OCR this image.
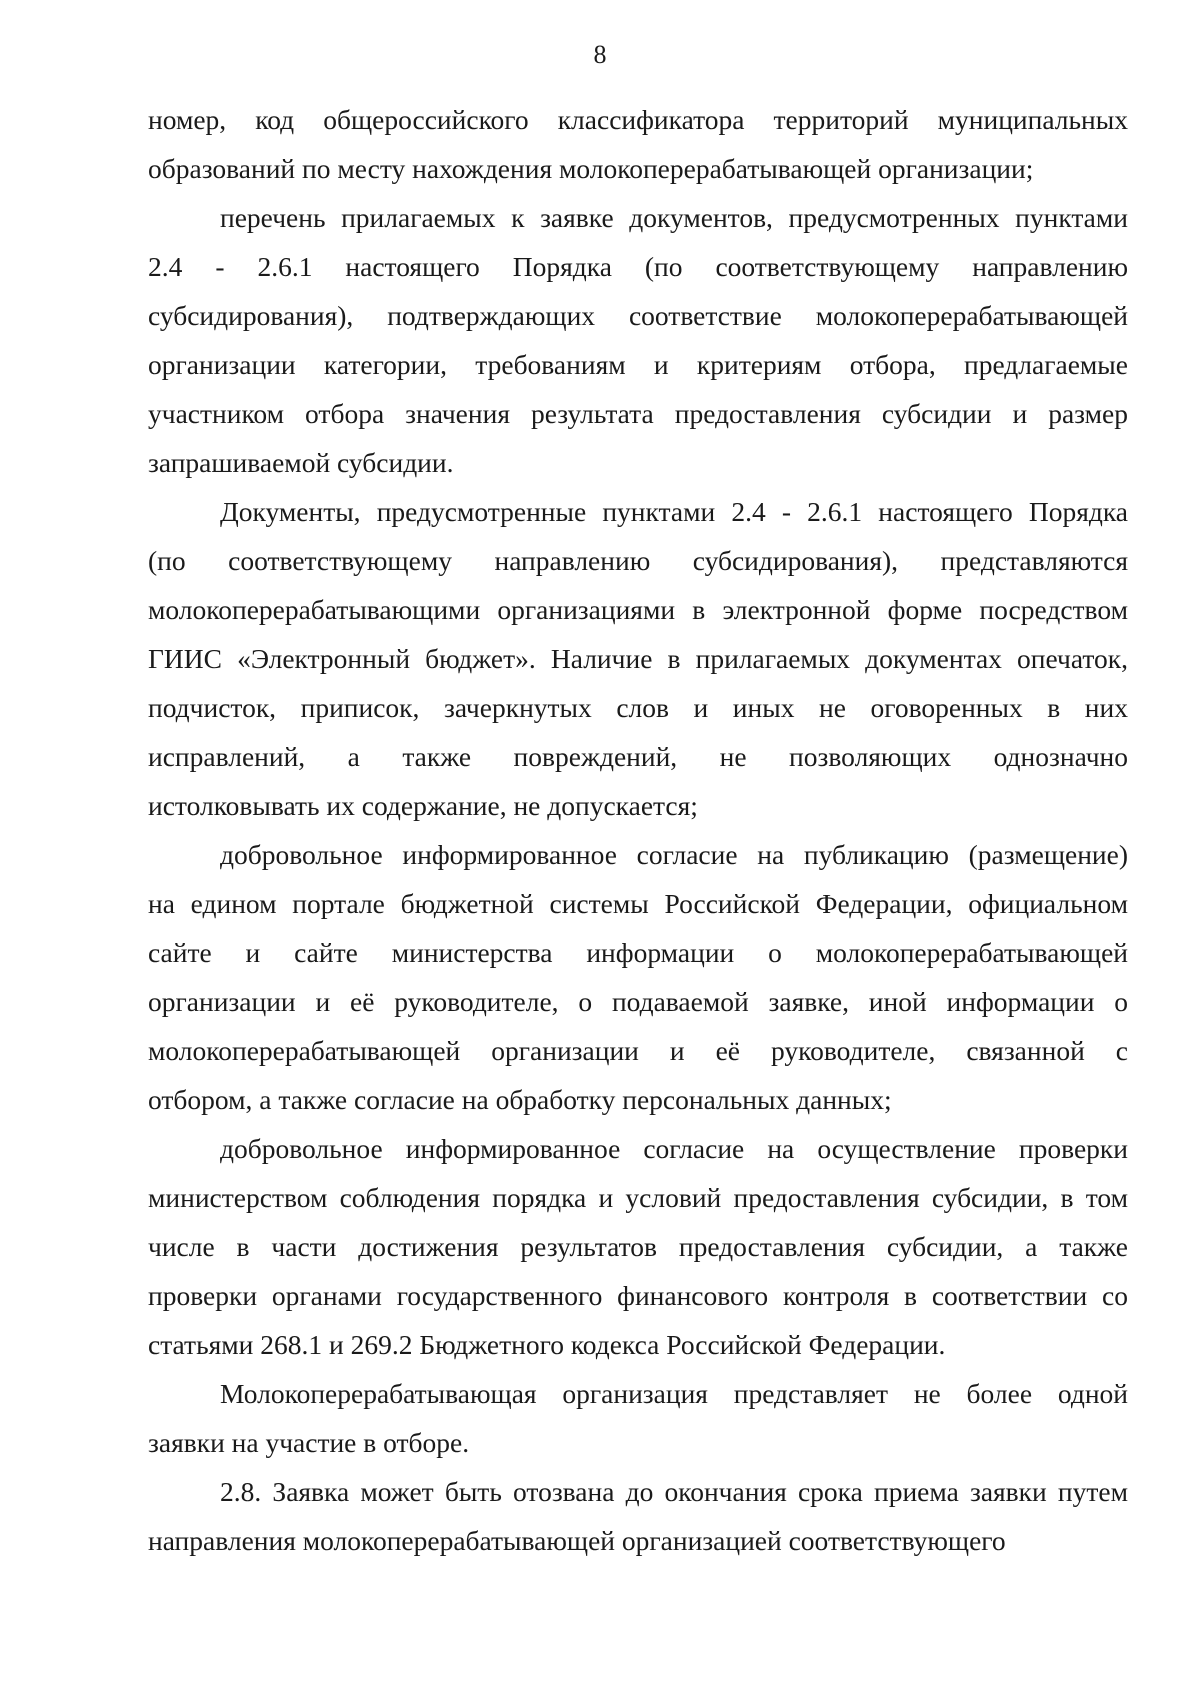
8
номер, код общероссийского классификатора территорий муниципальных
образований по месту нахождения молокоперерабатывающей организации;
перечень прилагаемых к заявке документов, предусмотренных пунктами
2.4 - 2.6.1 настоящего Порядка (по соответствующему направлению
субсидирования), подтверждающих соответствие молокоперерабатывающей
организации категории, требованиям и критериям отбора, предлагаемые
участником отбора значения результата предоставления субсидии и размер
запрашиваемой субсидии.
Документы, предусмотренные пунктами 2.4 - 2.6.1 настоящего Порядка
(по соответствующему направлению субсидирования), представляются
молокоперерабатывающими организациями в электронной форме посредством
ГИИС «Электронный бюджет». Наличие в прилагаемых документах опечаток,
подчисток, приписок, зачеркнутых слов и иных не оговоренных в них
исправлений, а также повреждений, не позволяющих однозначно
истолковывать их содержание, не допускается;
добровольное информированное согласие на публикацию (размещение)
на едином портале бюджетной системы Российской Федерации, официальном
сайте и сайте министерства информации о молокоперерабатывающей
организации и её руководителе, о подаваемой заявке, иной информации о
молокоперерабатывающей организации и её руководителе, связанной с
отбором, а также согласие на обработку персональных данных;
добровольное информированное согласие на осуществление проверки
министерством соблюдения порядка и условий предоставления субсидии, в том
числе в части достижения результатов предоставления субсидии, а также
проверки органами государственного финансового контроля в соответствии со
статьями 268.1 и 269.2 Бюджетного кодекса Российской Федерации.
Молокоперерабатывающая организация представляет не более одной
заявки на участие в отборе.
2.8. Заявка может быть отозвана до окончания срока приема заявки путем
направления молокоперерабатывающей организацией соответствующего
